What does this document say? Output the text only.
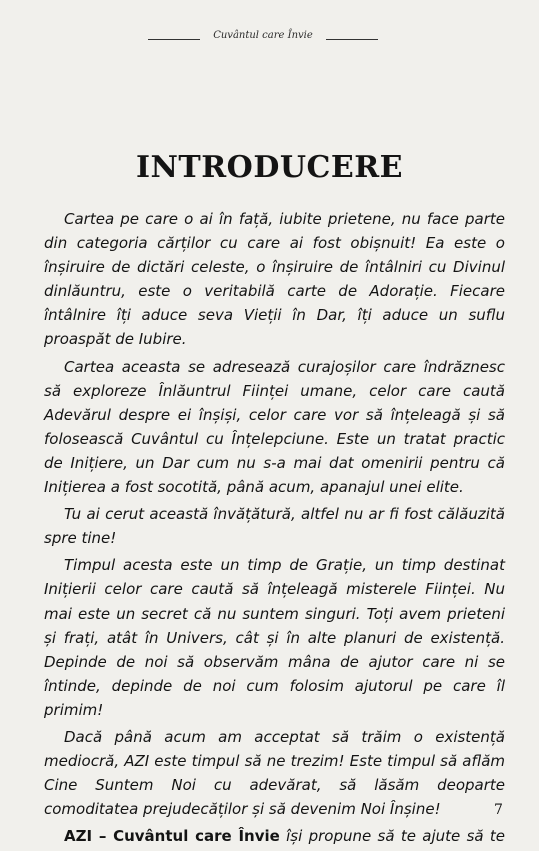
Cuvântul care Învie
INTRODUCERE

Cartea pe care o ai în față, iubite prietene, nu face parte din categoria cărților cu care ai fost obișnuit! Ea este o înșiruire de dictări celeste, o înșiruire de întâlniri cu Divinul dinlăuntru, este o veritabilă carte de Adorație. Fiecare întâlnire îți aduce seva Vieții în Dar, îți aduce un suflu proaspăt de Iubire.

Cartea aceasta se adresează curajoșilor care îndrăznesc să exploreze Înlăuntrul Ființei umane, celor care caută Adevărul despre ei înșiși, celor care vor să înțeleagă și să folosească Cuvântul cu Înțelepciune. Este un tratat practic de Inițiere, un Dar cum nu s-a mai dat omenirii pentru că Inițierea a fost socotită, până acum, apanajul unei elite.

Tu ai cerut această învățătură, altfel nu ar fi fost călăuzită spre tine!

Timpul acesta este un timp de Grație, un timp destinat Inițierii celor care caută să înțeleagă misterele Ființei. Nu mai este un secret că nu suntem singuri. Toți avem prieteni și frați, atât în Univers, cât și în alte planuri de existență. Depinde de noi să observăm mâna de ajutor care ni se întinde, depinde de noi cum folosim ajutorul pe care îl primim!

Dacă până acum am acceptat să trăim o existență mediocră, AZI este timpul să ne trezim! Este timpul să aflăm Cine Suntem Noi cu adevărat, să lăsăm deoparte comoditatea prejudecăților și să devenim Noi Înșine!

AZI – Cuvântul care Învie își propune să te ajute să te

7
